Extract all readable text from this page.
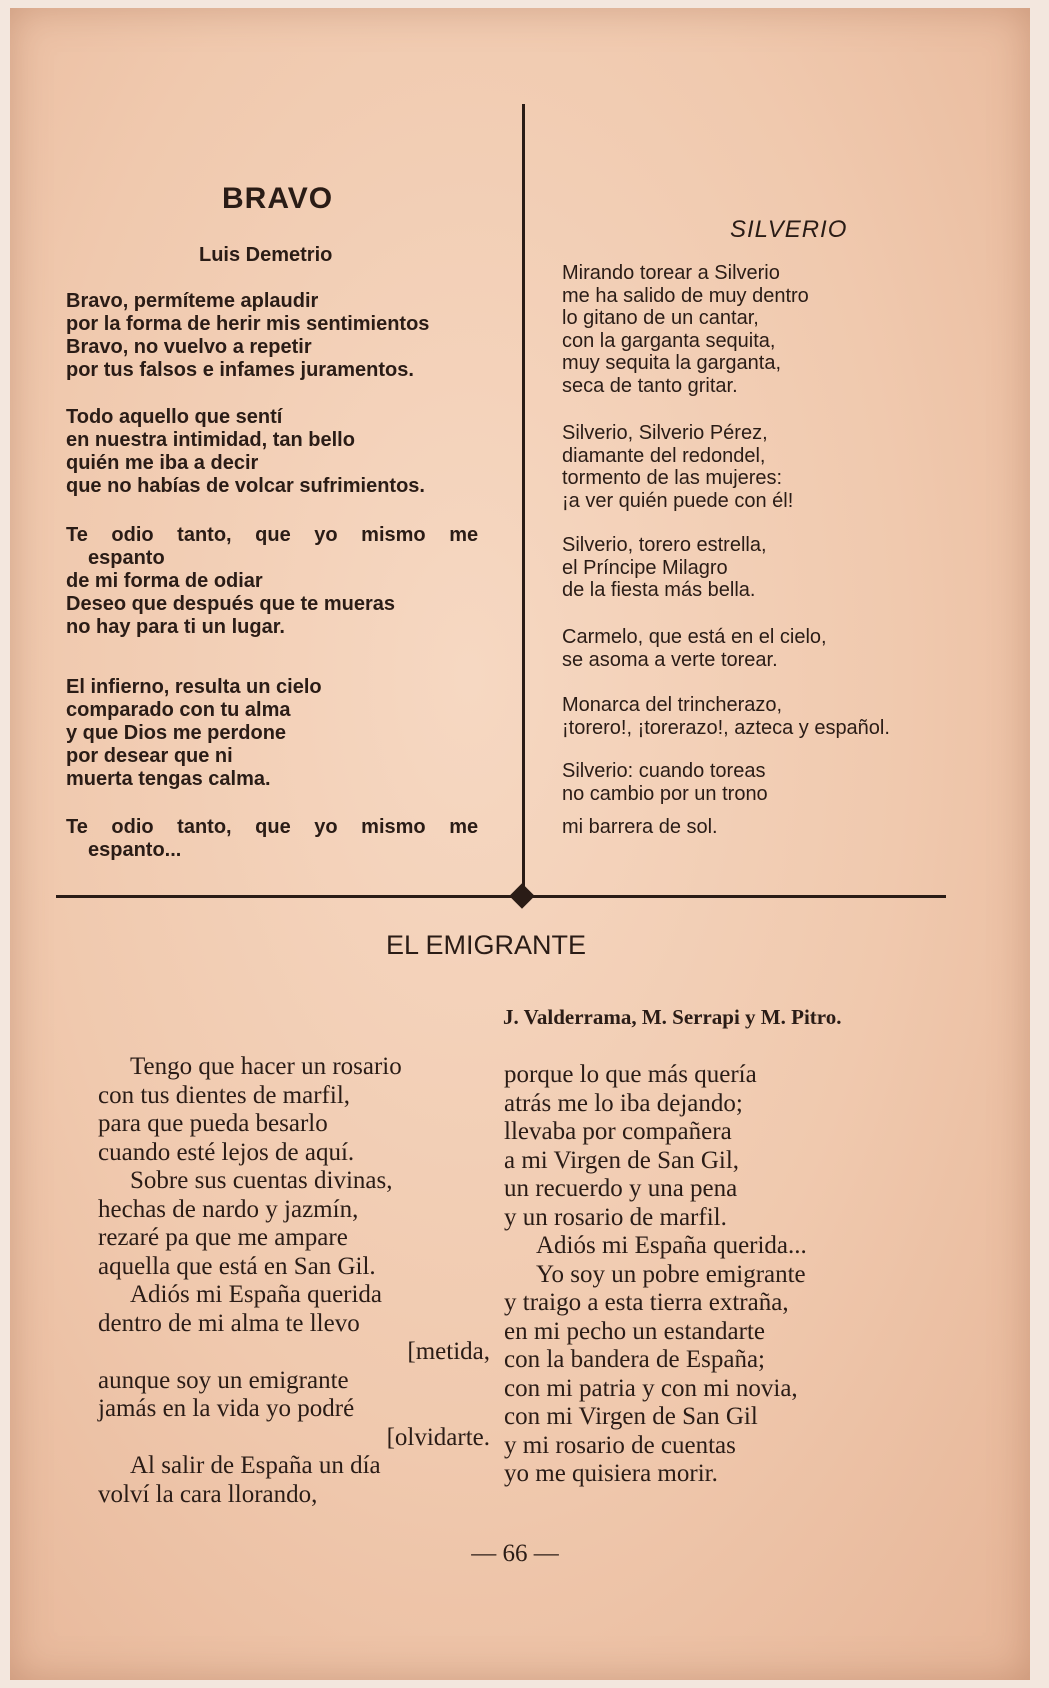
BRAVO
Luis Demetrio
Bravo, permíteme aplaudir
por la forma de herir mis sentimientos
Bravo, no vuelvo a repetir
por tus falsos e infames juramentos.
Todo aquello que sentí
en nuestra intimidad, tan bello
quién me iba a decir
que no habías de volcar sufrimientos.
Te odio tanto, que yo mismo me
espanto
de mi forma de odiar
Deseo que después que te mueras
no hay para ti un lugar.
El infierno, resulta un cielo
comparado con tu alma
y que Dios me perdone
por desear que ni
muerta tengas calma.
Te odio tanto, que yo mismo me
espanto...
SILVERIO
Mirando torear a Silverio
me ha salido de muy dentro
lo gitano de un cantar,
con la garganta sequita,
muy sequita la garganta,
seca de tanto gritar.
Silverio, Silverio Pérez,
diamante del redondel,
tormento de las mujeres:
¡a ver quién puede con él!
Silverio, torero estrella,
el Príncipe Milagro
de la fiesta más bella.
Carmelo, que está en el cielo,
se asoma a verte torear.
Monarca del trincherazo,
¡torero!, ¡torerazo!, azteca y español.
Silverio: cuando toreas
no cambio por un trono
mi barrera de sol.
EL EMIGRANTE
J. Valderrama, M. Serrapi y M. Pitro.
Tengo que hacer un rosario
con tus dientes de marfil,
para que pueda besarlo
cuando esté lejos de aquí.
Sobre sus cuentas divinas,
hechas de nardo y jazmín,
rezaré pa que me ampare
aquella que está en San Gil.
Adiós mi España querida
dentro de mi alma te llevo
[metida,
aunque soy un emigrante
jamás en la vida yo podré
[olvidarte.
Al salir de España un día
volví la cara llorando,
porque lo que más quería
atrás me lo iba dejando;
llevaba por compañera
a mi Virgen de San Gil,
un recuerdo y una pena
y un rosario de marfil.
Adiós mi España querida...
Yo soy un pobre emigrante
y traigo a esta tierra extraña,
en mi pecho un estandarte
con la bandera de España;
con mi patria y con mi novia,
con mi Virgen de San Gil
y mi rosario de cuentas
yo me quisiera morir.
— 66 —
